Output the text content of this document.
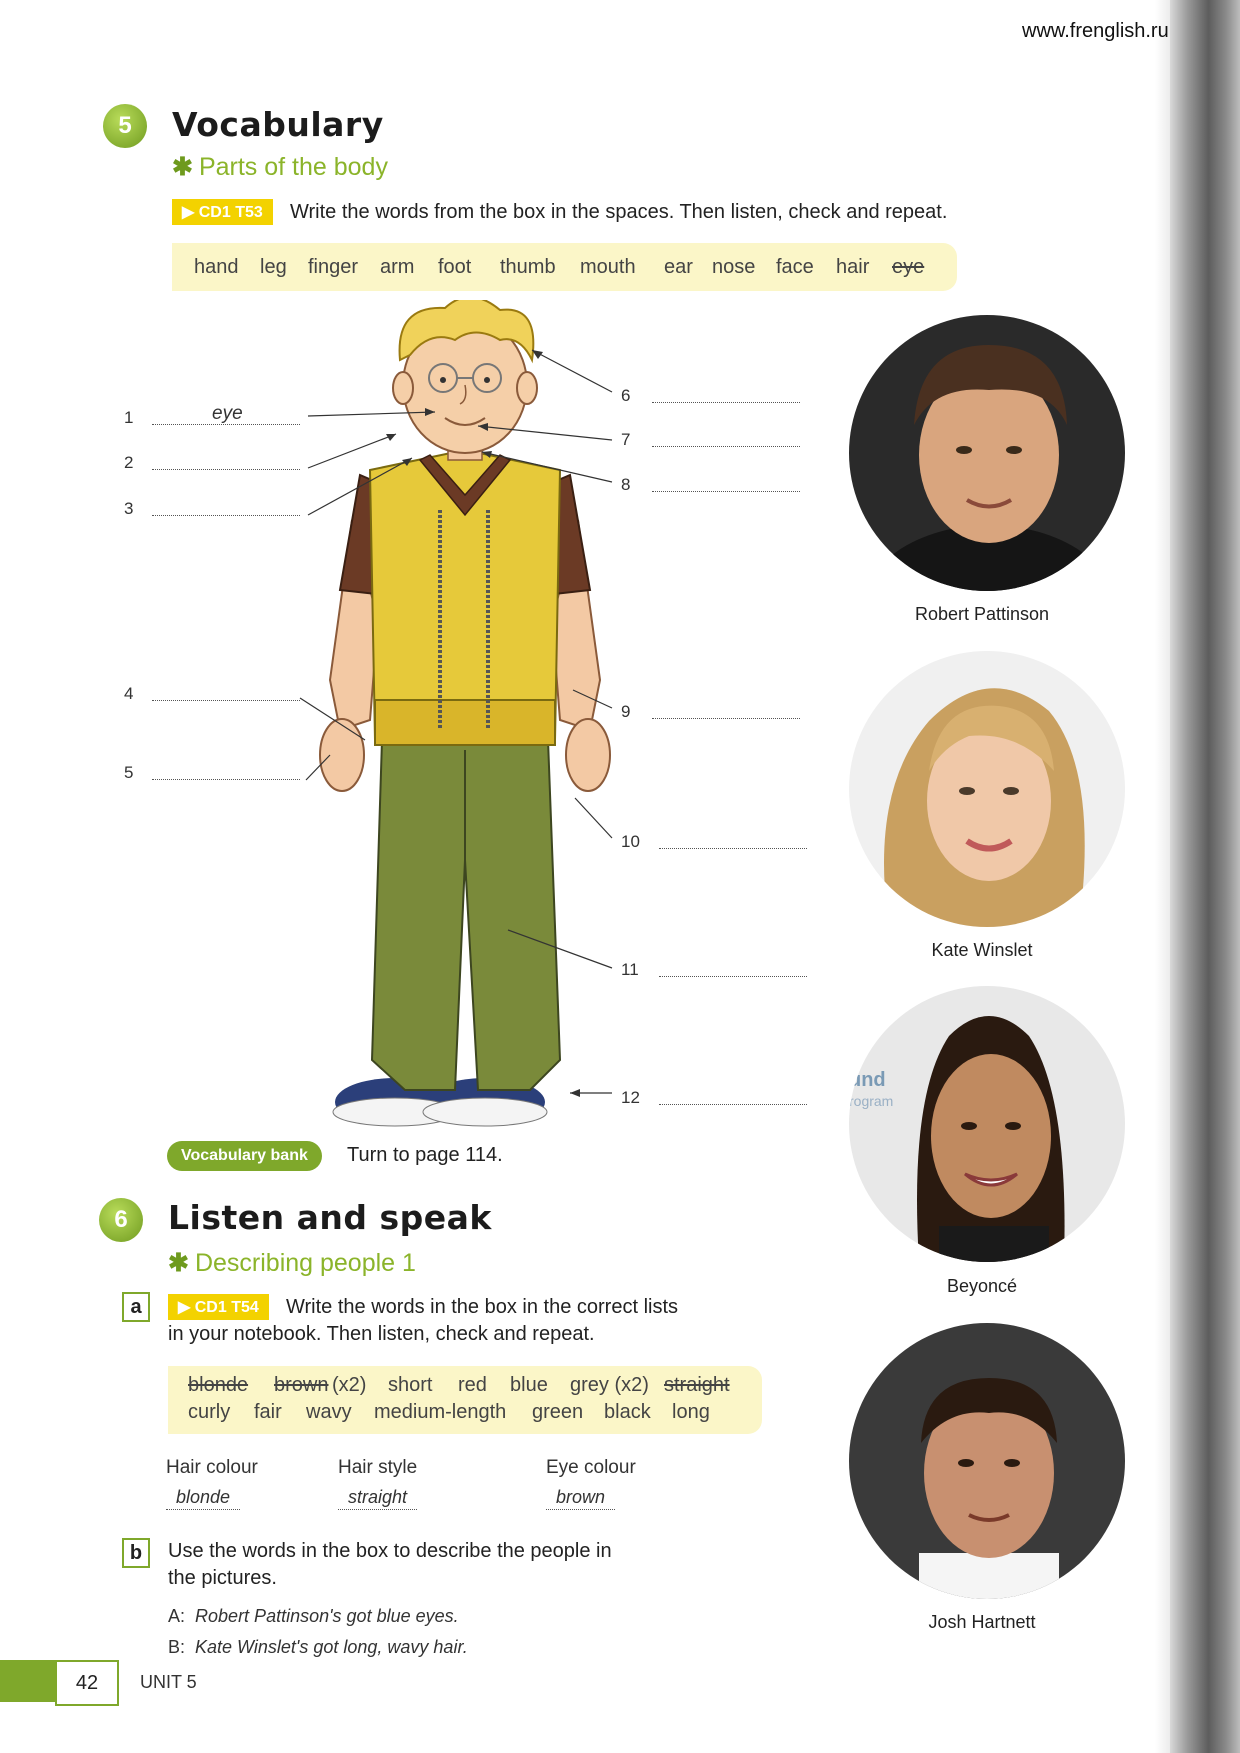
www.frenglish.ru
5	Vocabulary
✱ Parts of the body
▶ CD1 T53	Write the words from the box in the spaces. Then listen, check and repeat.
hand leg finger arm foot thumb mouth ear nose face hair eye
1	eye
2
3
4
5
6
7
8
9
10
11
12
Vocabulary bank	Turn to page 114.
6	Listen and speak
✱ Describing people 1
a	▶ CD1 T54	Write the words in the box in the correct lists
in your notebook. Then listen, check and repeat.
blonde brown (x2) short red blue grey (x2) straight
curly fair wavy medium-length green black long
Hair colour	Hair style	Eye colour
blonde	straight	brown
b	Use the words in the box to describe the people in
the pictures.
A: Robert Pattinson's got blue eyes.
B: Kate Winslet's got long, wavy hair.
Robert Pattinson
Kate Winslet
und
rogram
Beyoncé
Josh Hartnett
42	UNIT 5
